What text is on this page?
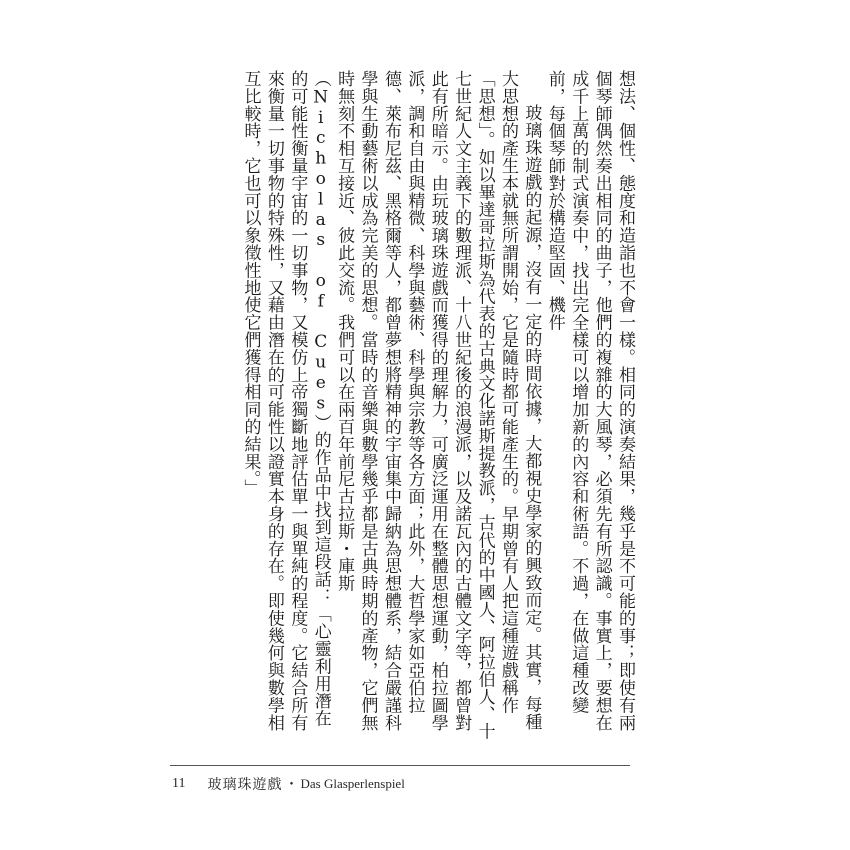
想法、個性、態度和造詣也不會一樣。相同的演奏結果，幾乎是不可能的事；即使有兩個琴師偶然奏出相同的曲子，他們的複雜的大風琴，必須先有所認識。事實上，要想在成千上萬的制式演奏中，找出完全樣可以增加新的內容和術語。不過，在做這種改變前，每個琴師對於構造堅固、機件

玻璃珠遊戲的起源，沒有一定的時間依據，大都視史學家的興致而定。其實，每種大思想的產生本就無所謂開始，它是隨時都可能產生的。早期曾有人把這種遊戲稱作「思想」。如以畢達哥拉斯為代表的古典文化諾斯提教派，古代的中國人、阿拉伯人、十七世紀人文主義下的數理派、十八世紀後的浪漫派，以及諾瓦內的古體文字等，都曾對此有所暗示。由玩玻璃珠遊戲而獲得的理解力，可廣泛運用在整體思想運動，柏拉圖學派，調和自由與精微、科學與藝術、科學與宗教等各方面；此外，大哲學家如亞伯拉德、萊布尼茲、黑格爾等人，都曾夢想將精神的宇宙集中歸納為思想體系，結合嚴謹科學與生動藝術以成為完美的思想。當時的音樂與數學幾乎都是古典時期的產物，它們無時無刻不相互接近、彼此交流。我們可以在兩百年前尼古拉斯・庫斯（Nicholas of Cues）的作品中找到這段話：「心靈利用潛在的可能性衡量宇宙的一切事物，又模仿上帝獨斷地評估單一與單純的程度。它結合所有來衡量一切事物的特殊性，又藉由潛在的可能性以證實本身的存在。即使幾何與數學相互比較時，它也可以象徵性地使它們獲得相同的結果。」

11 玻璃珠遊戲 ・ Das Glasperlenspiel
